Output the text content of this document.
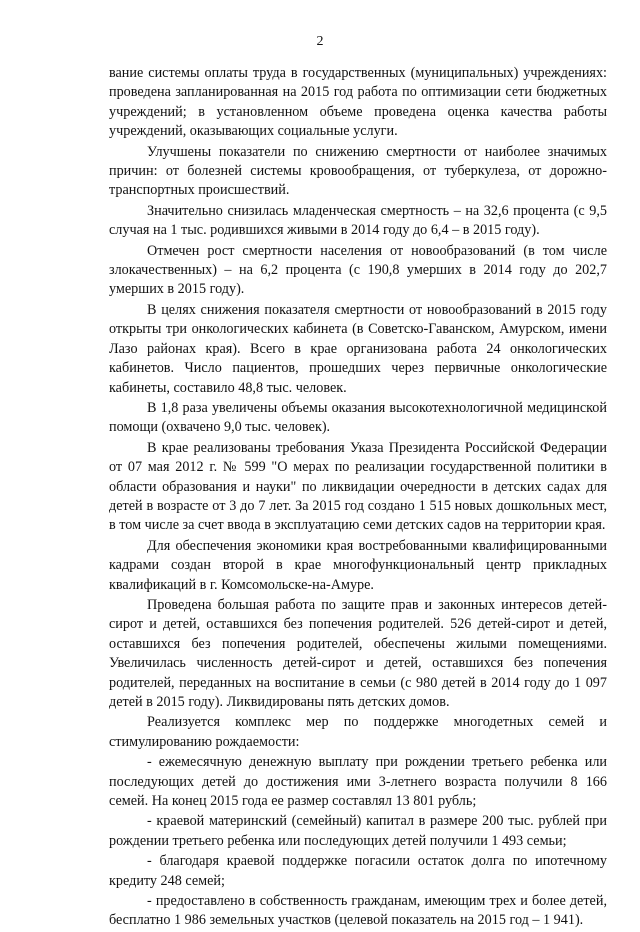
2

вание системы оплаты труда в государственных (муниципальных) учреждениях: проведена запланированная на 2015 год работа по оптимизации сети бюджетных учреждений; в установленном объеме проведена оценка качества работы учреждений, оказывающих социальные услуги.

Улучшены показатели по снижению смертности от наиболее значимых причин: от болезней системы кровообращения, от туберкулеза, от дорожно-транспортных происшествий.

Значительно снизилась младенческая смертность – на 32,6 процента (с 9,5 случая на 1 тыс. родившихся живыми в 2014 году до 6,4 – в 2015 году).

Отмечен рост смертности населения от новообразований (в том числе злокачественных) – на 6,2 процента (с 190,8 умерших в 2014 году до 202,7 умерших в 2015 году).

В целях снижения показателя смертности от новообразований в 2015 году открыты три онкологических кабинета (в Советско-Гаванском, Амурском, имени Лазо районах края). Всего в крае организована работа 24 онкологических кабинетов. Число пациентов, прошедших через первичные онкологические кабинеты, составило 48,8 тыс. человек.

В 1,8 раза увеличены объемы оказания высокотехнологичной медицинской помощи (охвачено 9,0 тыс. человек).

В крае реализованы требования Указа Президента Российской Федерации от 07 мая 2012 г. № 599 "О мерах по реализации государственной политики в области образования и науки" по ликвидации очередности в детских садах для детей в возрасте от 3 до 7 лет. За 2015 год создано 1 515 новых дошкольных мест, в том числе за счет ввода в эксплуатацию семи детских садов на территории края.

Для обеспечения экономики края востребованными квалифицированными кадрами создан второй в крае многофункциональный центр прикладных квалификаций в г. Комсомольске-на-Амуре.

Проведена большая работа по защите прав и законных интересов детей-сирот и детей, оставшихся без попечения родителей. 526 детей-сирот и детей, оставшихся без попечения родителей, обеспечены жилыми помещениями. Увеличилась численность детей-сирот и детей, оставшихся без попечения родителей, переданных на воспитание в семьи (с 980 детей в 2014 году до 1 097 детей в 2015 году). Ликвидированы пять детских домов.

Реализуется комплекс мер по поддержке многодетных семей и стимулированию рождаемости:

- ежемесячную денежную выплату при рождении третьего ребенка или последующих детей до достижения ими 3-летнего возраста получили 8 166 семей. На конец 2015 года ее размер составлял 13 801 рубль;

- краевой материнский (семейный) капитал в размере 200 тыс. рублей при рождении третьего ребенка или последующих детей получили 1 493 семьи;

- благодаря краевой поддержке погасили остаток долга по ипотечному кредиту 248 семей;

- предоставлено в собственность гражданам, имеющим трех и более детей, бесплатно 1 986 земельных участков (целевой показатель на 2015 год – 1 941).
